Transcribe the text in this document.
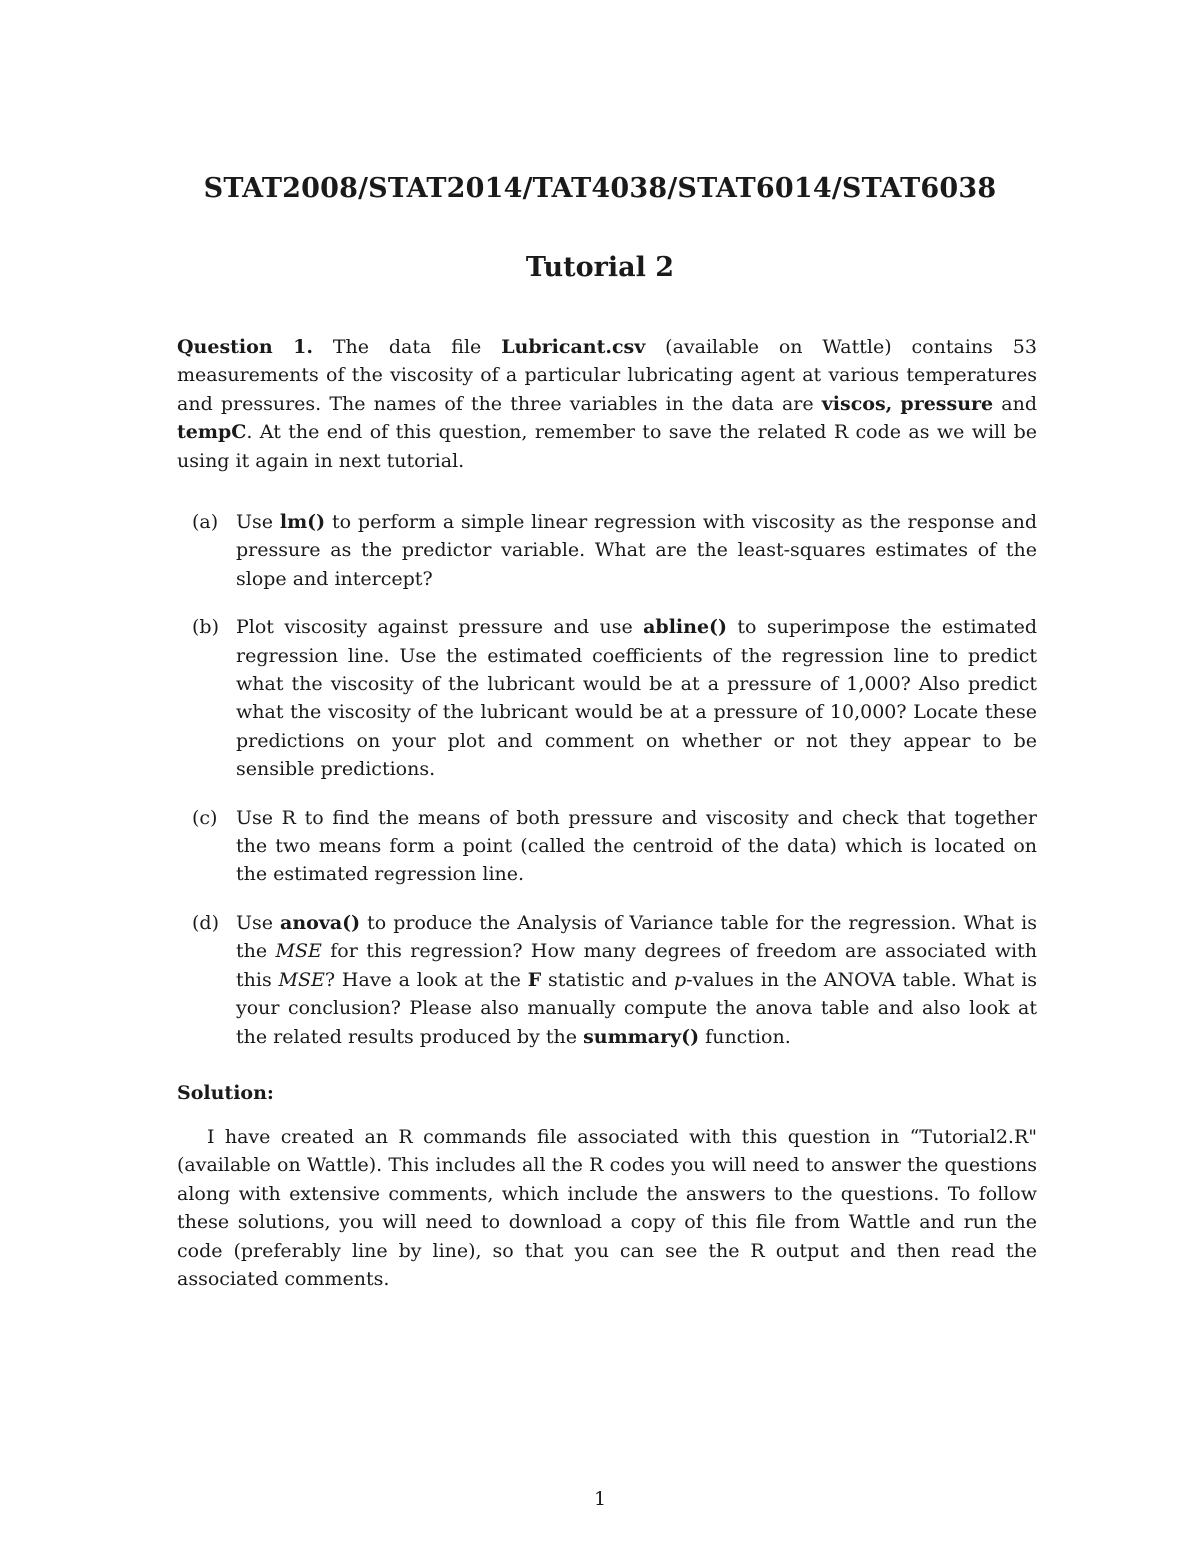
STAT2008/STAT2014/TAT4038/STAT6014/STAT6038
Tutorial 2
Question 1. The data file Lubricant.csv (available on Wattle) contains 53 measurements of the viscosity of a particular lubricating agent at various temperatures and pressures. The names of the three variables in the data are viscos, pressure and tempC. At the end of this question, remember to save the related R code as we will be using it again in next tutorial.
(a) Use lm() to perform a simple linear regression with viscosity as the response and pressure as the predictor variable. What are the least-squares estimates of the slope and intercept?
(b) Plot viscosity against pressure and use abline() to superimpose the estimated regression line. Use the estimated coefficients of the regression line to predict what the viscosity of the lubricant would be at a pressure of 1,000? Also predict what the viscosity of the lubricant would be at a pressure of 10,000? Locate these predictions on your plot and comment on whether or not they appear to be sensible predictions.
(c) Use R to find the means of both pressure and viscosity and check that together the two means form a point (called the centroid of the data) which is located on the estimated regression line.
(d) Use anova() to produce the Analysis of Variance table for the regression. What is the MSE for this regression? How many degrees of freedom are associated with this MSE? Have a look at the F statistic and p-values in the ANOVA table. What is your conclusion? Please also manually compute the anova table and also look at the related results produced by the summary() function.
Solution:
I have created an R commands file associated with this question in “Tutorial2.R" (available on Wattle). This includes all the R codes you will need to answer the questions along with extensive comments, which include the answers to the questions. To follow these solutions, you will need to download a copy of this file from Wattle and run the code (preferably line by line), so that you can see the R output and then read the associated comments.
1
